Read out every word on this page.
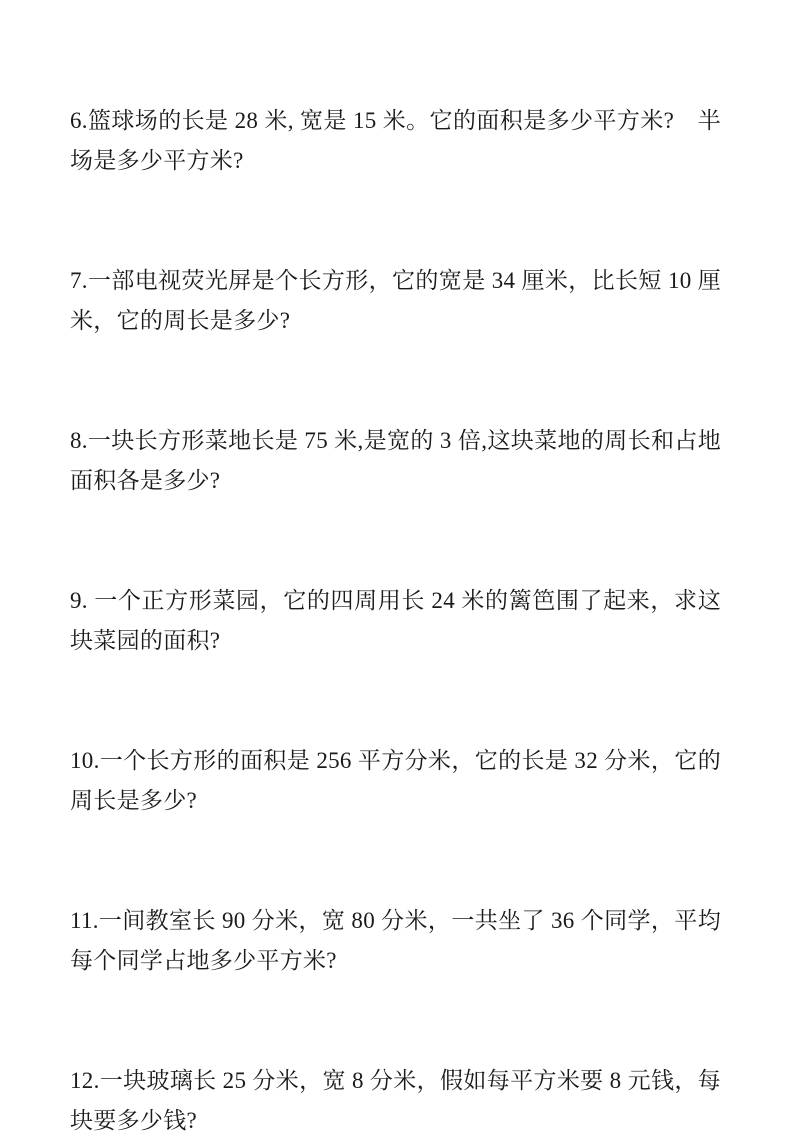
6.篮球场的长是 28 米, 宽是 15 米。它的面积是多少平方米?　半场是多少平方米?

7.一部电视荧光屏是个长方形，它的宽是 34 厘米，比长短 10 厘米，它的周长是多少?

8.一块长方形菜地长是 75 米,是宽的 3 倍,这块菜地的周长和占地面积各是多少?

9. 一个正方形菜园，它的四周用长 24 米的篱笆围了起来，求这块菜园的面积?

10.一个长方形的面积是 256 平方分米，它的长是 32 分米，它的周长是多少?

11.一间教室长 90 分米，宽 80 分米，一共坐了 36 个同学，平均每个同学占地多少平方米?

12.一块玻璃长 25 分米，宽 8 分米，假如每平方米要 8 元钱，每块要多少钱?
